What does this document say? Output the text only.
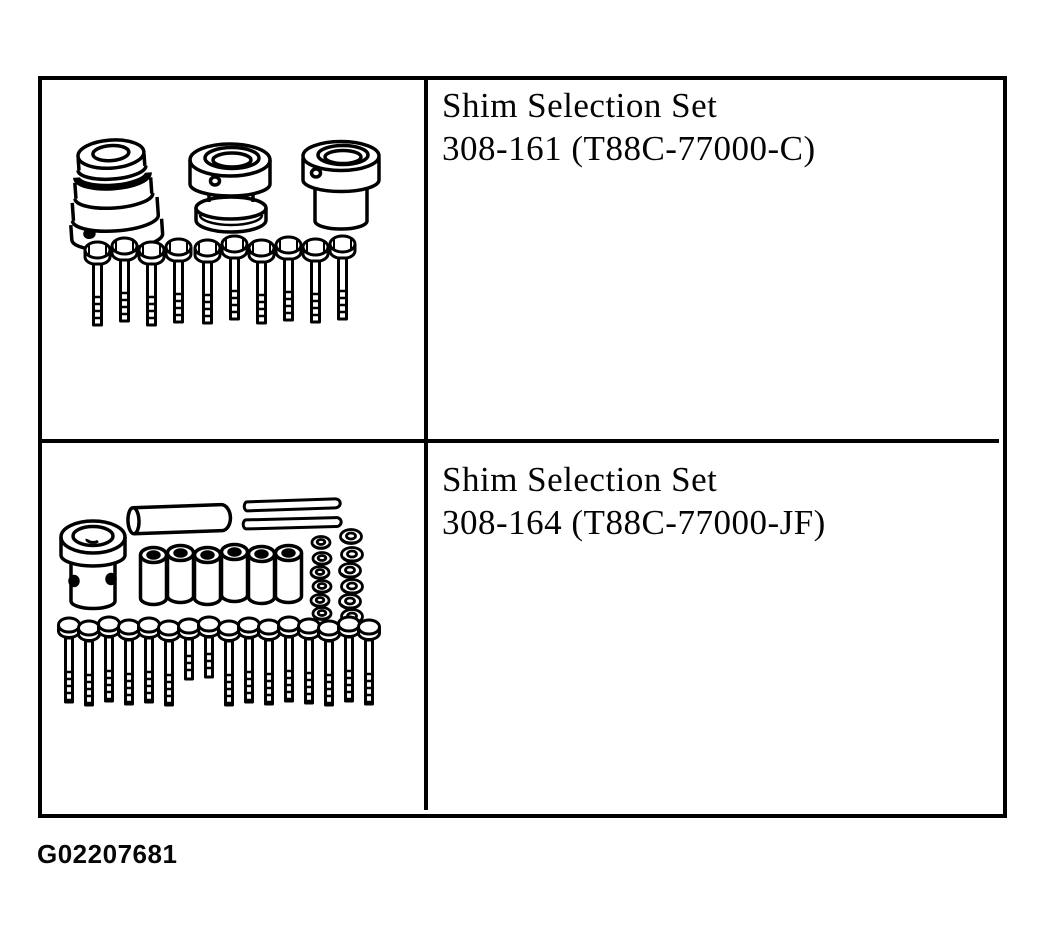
Shim Selection Set
308-161 (T88C-77000-C)
Shim Selection Set
308-164 (T88C-77000-JF)
G02207681
